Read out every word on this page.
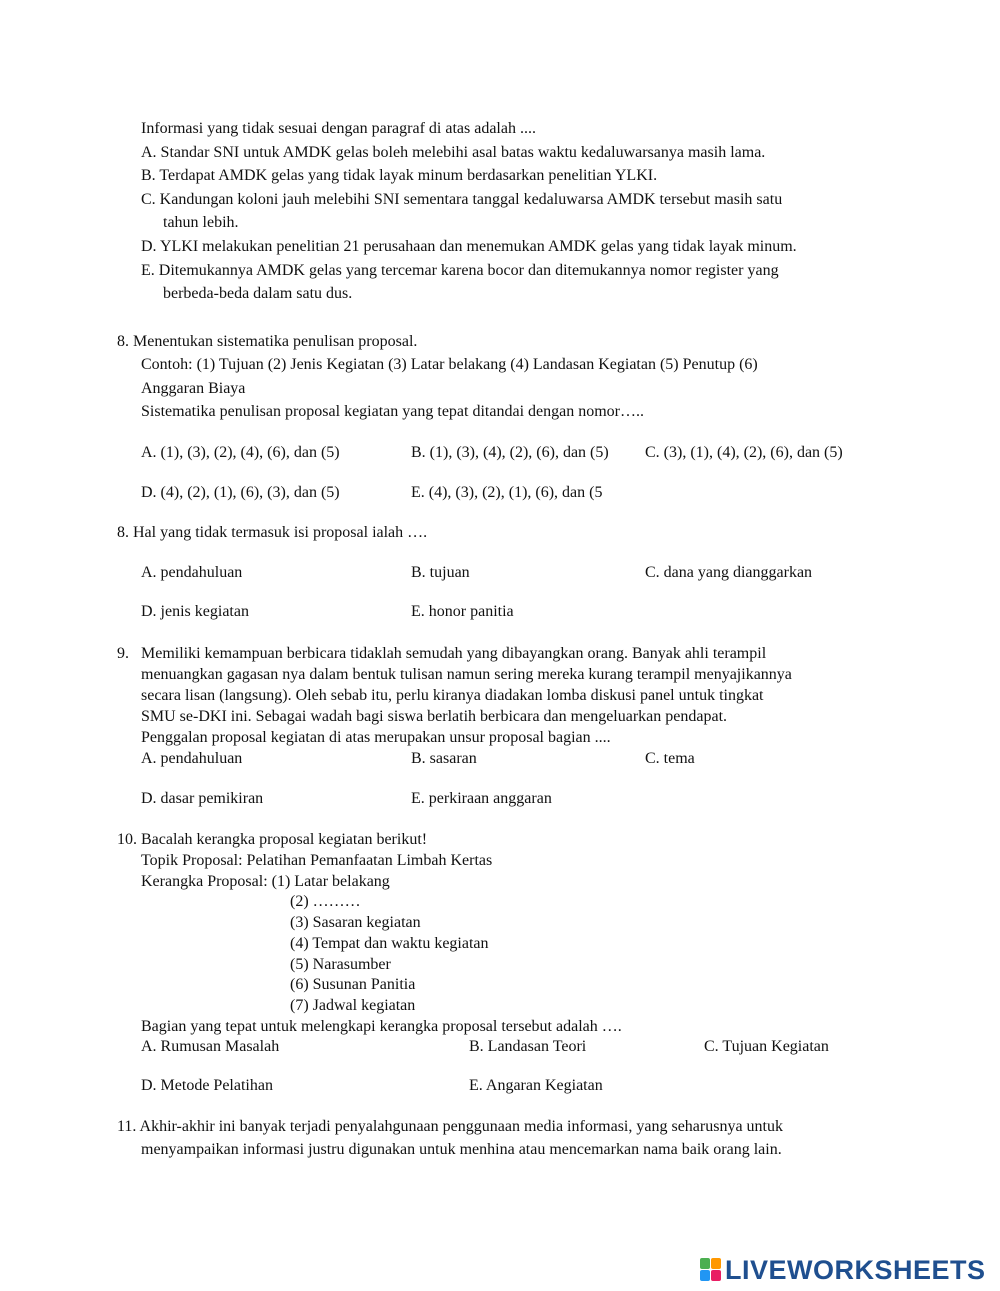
Informasi yang tidak sesuai dengan paragraf di atas adalah ....
A. Standar SNI untuk AMDK gelas boleh melebihi asal batas waktu kedaluwarsanya masih lama.
B. Terdapat AMDK gelas yang tidak layak minum berdasarkan penelitian YLKI.
C. Kandungan koloni jauh melebihi SNI sementara tanggal kedaluwarsa AMDK tersebut masih satu
tahun lebih.
D. YLKI melakukan penelitian 21 perusahaan dan menemukan AMDK gelas yang tidak layak minum.
E. Ditemukannya AMDK gelas yang tercemar karena bocor dan ditemukannya nomor register yang
berbeda-beda dalam satu dus.
8. Menentukan sistematika penulisan proposal.
Contoh: (1) Tujuan (2) Jenis Kegiatan (3) Latar belakang (4) Landasan Kegiatan (5) Penutup (6)
Anggaran Biaya
Sistematika penulisan proposal kegiatan yang tepat ditandai dengan nomor…..
A. (1), (3), (2), (4), (6), dan (5)	B. (1), (3), (4), (2), (6), dan (5) C. (3), (1), (4), (2), (6), dan (5)
D. (4), (2), (1), (6), (3), dan (5)	E. (4), (3), (2), (1), (6), dan (5
8. Hal yang tidak termasuk isi proposal ialah ….
A. pendahuluan	B. tujuan	C. dana yang dianggarkan
D. jenis kegiatan	E. honor panitia
9. Memiliki kemampuan berbicara tidaklah semudah yang dibayangkan orang. Banyak ahli terampil
menuangkan gagasan nya dalam bentuk tulisan namun sering mereka kurang terampil menyajikannya
secara lisan (langsung). Oleh sebab itu, perlu kiranya diadakan lomba diskusi panel untuk tingkat
SMU se-DKI ini. Sebagai wadah bagi siswa berlatih berbicara dan mengeluarkan pendapat.
Penggalan proposal kegiatan di atas merupakan unsur proposal bagian ....
A. pendahuluan	B. sasaran	C. tema
D. dasar pemikiran	E. perkiraan anggaran
10. Bacalah kerangka proposal kegiatan berikut!
Topik Proposal: Pelatihan Pemanfaatan Limbah Kertas
Kerangka Proposal: (1) Latar belakang
(2) ………
(3) Sasaran kegiatan
(4) Tempat dan waktu kegiatan
(5) Narasumber
(6) Susunan Panitia
(7) Jadwal kegiatan
Bagian yang tepat untuk melengkapi kerangka proposal tersebut adalah ….
A. Rumusan Masalah	B. Landasan Teori	C. Tujuan Kegiatan
D. Metode Pelatihan	E. Angaran Kegiatan
11. Akhir-akhir ini banyak terjadi penyalahgunaan penggunaan media informasi, yang seharusnya untuk
menyampaikan informasi justru digunakan untuk menhina atau mencemarkan nama baik orang lain.
LIVEWORKSHEETS
